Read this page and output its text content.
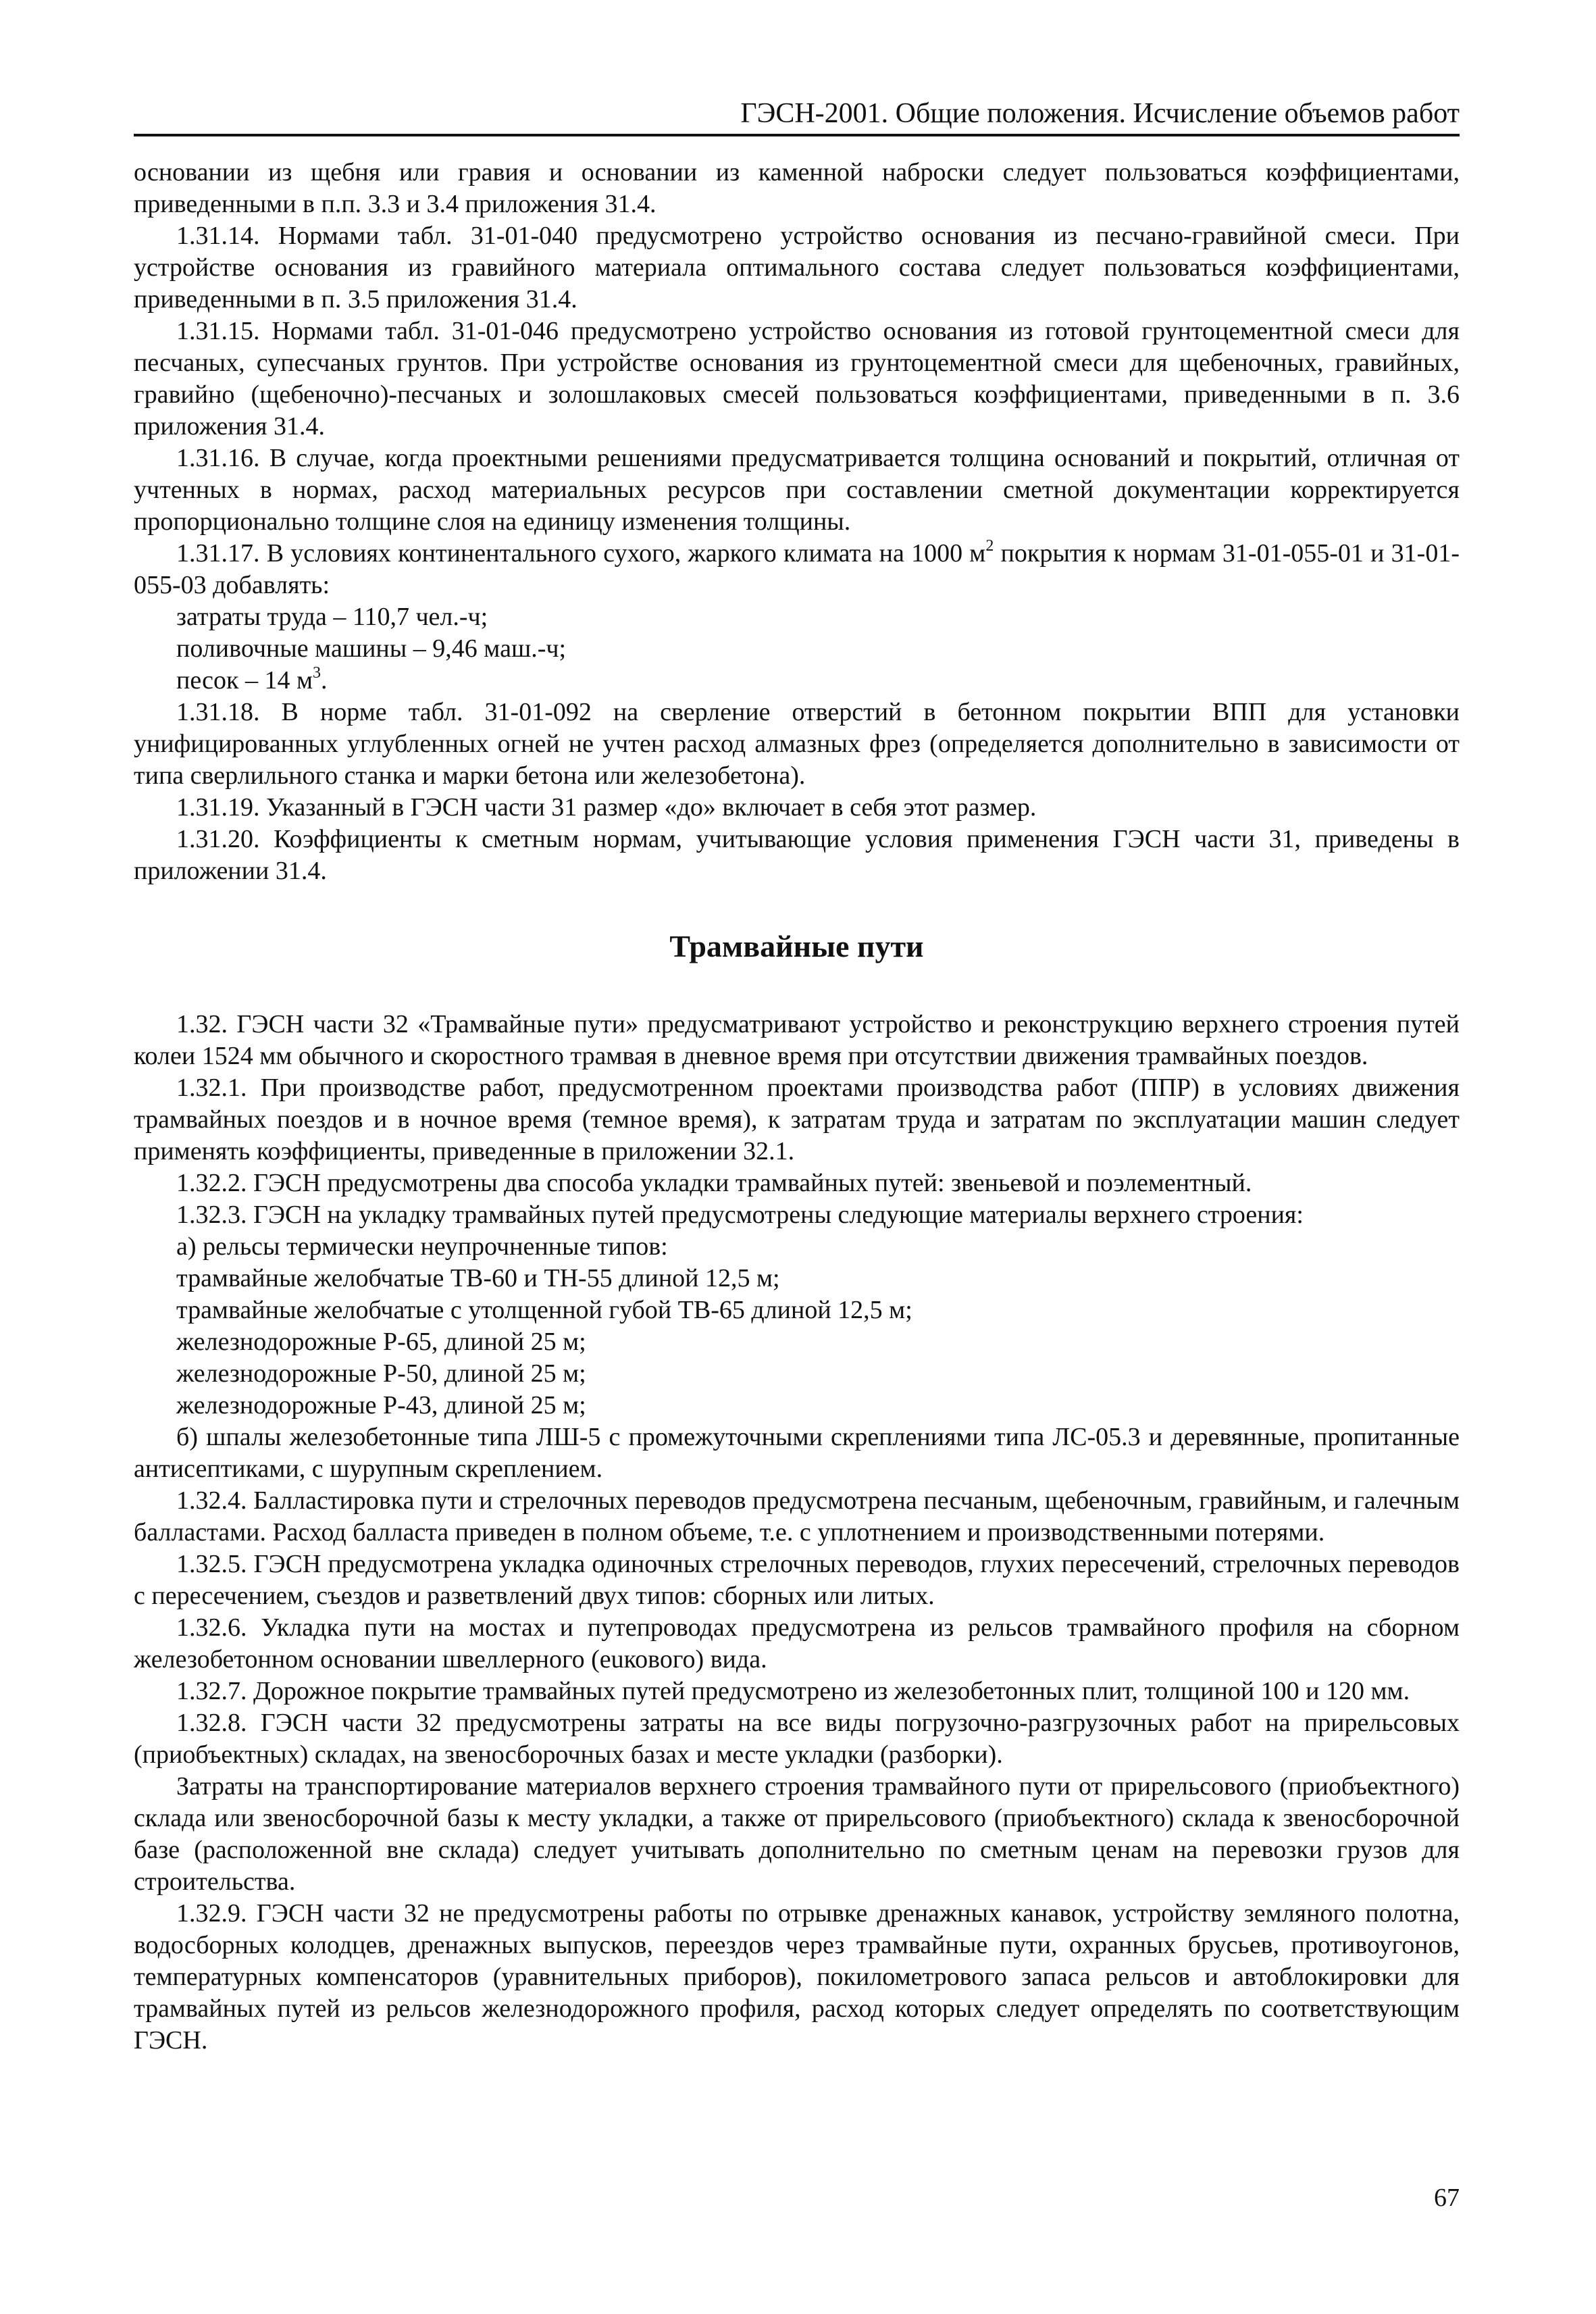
ГЭСН-2001. Общие положения. Исчисление объемов работ

основании из щебня или гравия и основании из каменной наброски следует пользоваться коэффициентами, приведенными в п.п. 3.3 и 3.4 приложения 31.4.

1.31.14. Нормами табл. 31-01-040 предусмотрено устройство основания из песчано-гравийной смеси. При устройстве основания из гравийного материала оптимального состава следует пользоваться коэффициентами, приведенными в п. 3.5 приложения 31.4.

1.31.15. Нормами табл. 31-01-046 предусмотрено устройство основания из готовой грунтоцементной смеси для песчаных, супесчаных грунтов. При устройстве основания из грунтоцементной смеси для щебеночных, гравийных, гравийно (щебеночно)-песчаных и золошлаковых смесей пользоваться коэффициентами, приведенными в п. 3.6 приложения 31.4.

1.31.16. В случае, когда проектными решениями предусматривается толщина оснований и покрытий, отличная от учтенных в нормах, расход материальных ресурсов при составлении сметной документации корректируется пропорционально толщине слоя на единицу изменения толщины.

1.31.17. В условиях континентального сухого, жаркого климата на 1000 $м^2$ покрытия к нормам 31-01-055-01 и 31-01-055-03 добавлять:

затраты труда – 110,7 чел.-ч;

поливочные машины – 9,46 маш.-ч;

песок – 14 $м^3$.

1.31.18. В норме табл. 31-01-092 на сверление отверстий в бетонном покрытии ВПП для установки унифицированных углубленных огней не учтен расход алмазных фрез (определяется дополнительно в зависимости от типа сверлильного станка и марки бетона или железобетона).

1.31.19. Указанный в ГЭСН части 31 размер «до» включает в себя этот размер.

1.31.20. Коэффициенты к сметным нормам, учитывающие условия применения ГЭСН части 31, приведены в приложении 31.4.

Трамвайные пути

1.32. ГЭСН части 32 «Трамвайные пути» предусматривают устройство и реконструкцию верхнего строения путей колеи 1524 мм обычного и скоростного трамвая в дневное время при отсутствии движения трамвайных поездов.

1.32.1. При производстве работ, предусмотренном проектами производства работ (ППР) в условиях движения трамвайных поездов и в ночное время (темное время), к затратам труда и затратам по эксплуатации машин следует применять коэффициенты, приведенные в приложении 32.1.

1.32.2. ГЭСН предусмотрены два способа укладки трамвайных путей: звеньевой и поэлементный.

1.32.3. ГЭСН на укладку трамвайных путей предусмотрены следующие материалы верхнего строения:

а) рельсы термически неупрочненные типов:

трамвайные желобчатые ТВ-60 и ТН-55 длиной 12,5 м;

трамвайные желобчатые с утолщенной губой ТВ-65 длиной 12,5 м;

железнодорожные Р-65, длиной 25 м;

железнодорожные Р-50, длиной 25 м;

железнодорожные Р-43, длиной 25 м;

б) шпалы железобетонные типа ЛШ-5 с промежуточными скреплениями типа ЛС-05.3 и деревянные, пропитанные антисептиками, с шурупным скреплением.

1.32.4. Балластировка пути и стрелочных переводов предусмотрена песчаным, щебеночным, гравийным, и галечным балластами. Расход балласта приведен в полном объеме, т.е. с уплотнением и производственными потерями.

1.32.5. ГЭСН предусмотрена укладка одиночных стрелочных переводов, глухих пересечений, стрелочных переводов с пересечением, съездов и разветвлений двух типов: сборных или литых.

1.32.6. Укладка пути на мостах и путепроводах предусмотрена из рельсов трамвайного профиля на сборном железобетонном основании швеллерного (euкового) вида.

1.32.7. Дорожное покрытие трамвайных путей предусмотрено из железобетонных плит, толщиной 100 и 120 мм.

1.32.8. ГЭСН части 32 предусмотрены затраты на все виды погрузочно-разгрузочных работ на прирельсовых (приобъектных) складах, на звеносборочных базах и месте укладки (разборки).

Затраты на транспортирование материалов верхнего строения трамвайного пути от прирельсового (приобъектного) склада или звеносборочной базы к месту укладки, а также от прирельсового (приобъектного) склада к звеносборочной базе (расположенной вне склада) следует учитывать дополнительно по сметным ценам на перевозки грузов для строительства.

1.32.9. ГЭСН части 32 не предусмотрены работы по отрывке дренажных канавок, устройству земляного полотна, водосборных колодцев, дренажных выпусков, переездов через трамвайные пути, охранных брусьев, противоугонов, температурных компенсаторов (уравнительных приборов), покилометрового запаса рельсов и автоблокировки для трамвайных путей из рельсов железнодорожного профиля, расход которых следует определять по соответствующим ГЭСН.

67
